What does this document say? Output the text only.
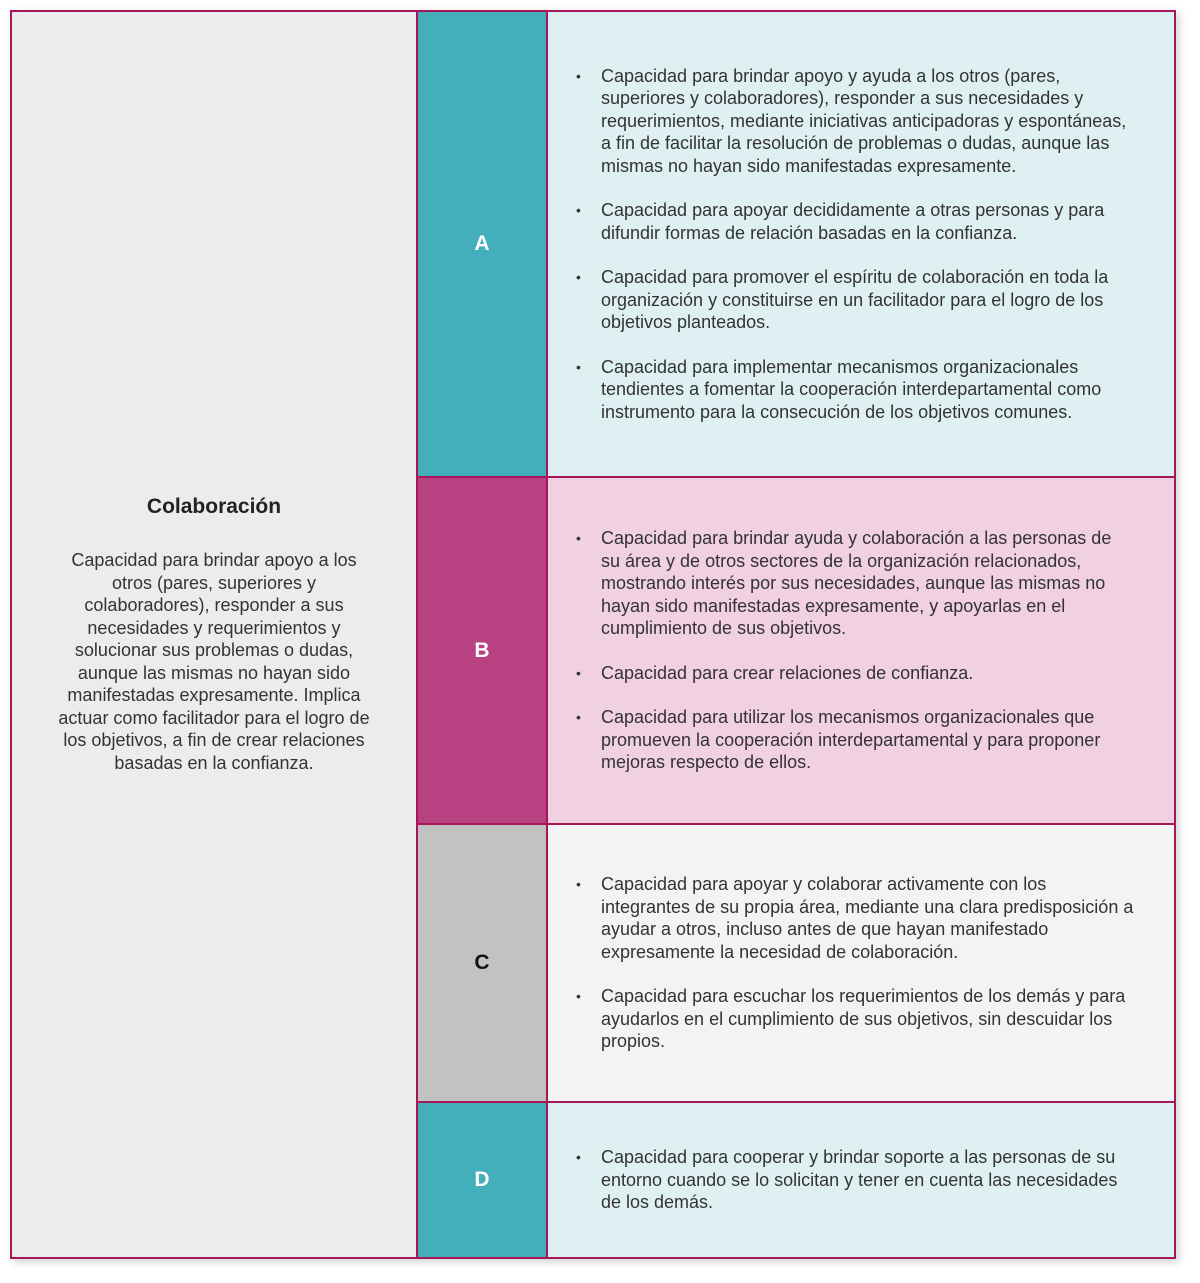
Colaboración

Capacidad para brindar apoyo a los otros (pares, superiores y colaboradores), responder a sus necesidades y requerimientos y solucionar sus problemas o dudas, aunque las mismas no hayan sido manifestadas expresamente. Implica actuar como facilitador para el logro de los objetivos, a fin de crear relaciones basadas en la confianza.

A
• Capacidad para brindar apoyo y ayuda a los otros (pares, superiores y colaboradores), responder a sus necesidades y requerimientos, mediante iniciativas anticipadoras y espontáneas, a fin de facilitar la resolución de problemas o dudas, aunque las mismas no hayan sido manifestadas expresamente.
• Capacidad para apoyar decididamente a otras personas y para difundir formas de relación basadas en la confianza.
• Capacidad para promover el espíritu de colaboración en toda la organización y constituirse en un facilitador para el logro de los objetivos planteados.
• Capacidad para implementar mecanismos organizacionales tendientes a fomentar la cooperación interdepartamental como instrumento para la consecución de los objetivos comunes.
B
• Capacidad para brindar ayuda y colaboración a las personas de su área y de otros sectores de la organización relacionados, mostrando interés por sus necesidades, aunque las mismas no hayan sido manifestadas expresamente, y apoyarlas en el cumplimiento de sus objetivos.
• Capacidad para crear relaciones de confianza.
• Capacidad para utilizar los mecanismos organizacionales que promueven la cooperación interdepartamental y para proponer mejoras respecto de ellos.
C
• Capacidad para apoyar y colaborar activamente con los integrantes de su propia área, mediante una clara predisposición a ayudar a otros, incluso antes de que hayan manifestado expresamente la necesidad de colaboración.
• Capacidad para escuchar los requerimientos de los demás y para ayudarlos en el cumplimiento de sus objetivos, sin descuidar los propios.
D
• Capacidad para cooperar y brindar soporte a las personas de su entorno cuando se lo solicitan y tener en cuenta las necesidades de los demás.
